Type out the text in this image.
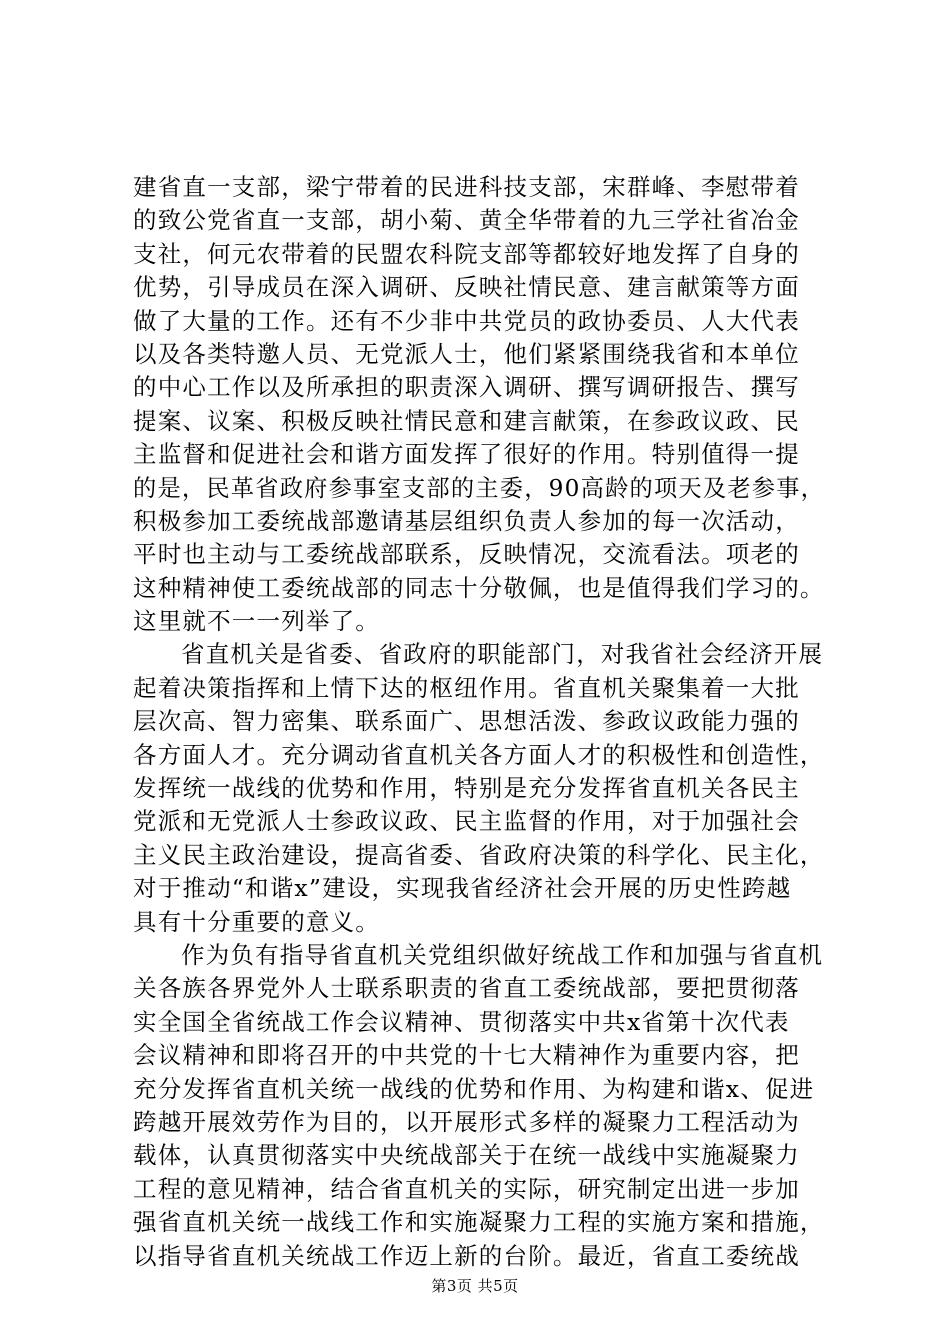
建省直一支部，梁宁带着的民进科技支部，宋群峰、李慰带着
的致公党省直一支部，胡小菊、黄全华带着的九三学社省冶金
支社，何元农带着的民盟农科院支部等都较好地发挥了自身的
优势，引导成员在深入调研、反映社情民意、建言献策等方面
做了大量的工作。还有不少非中共党员的政协委员、人大代表
以及各类特邀人员、无党派人士，他们紧紧围绕我省和本单位
的中心工作以及所承担的职责深入调研、撰写调研报告、撰写
提案、议案、积极反映社情民意和建言献策，在参政议政、民
主监督和促进社会和谐方面发挥了很好的作用。特别值得一提
的是，民革省政府参事室支部的主委，90高龄的项天及老参事，
积极参加工委统战部邀请基层组织负责人参加的每一次活动，
平时也主动与工委统战部联系，反映情况，交流看法。项老的
这种精神使工委统战部的同志十分敬佩，也是值得我们学习的。
这里就不一一列举了。
省直机关是省委、省政府的职能部门，对我省社会经济开展
起着决策指挥和上情下达的枢纽作用。省直机关聚集着一大批
层次高、智力密集、联系面广、思想活泼、参政议政能力强的
各方面人才。充分调动省直机关各方面人才的积极性和创造性，
发挥统一战线的优势和作用，特别是充分发挥省直机关各民主
党派和无党派人士参政议政、民主监督的作用，对于加强社会
主义民主政治建设，提高省委、省政府决策的科学化、民主化，
对于推动“和谐x”建设，实现我省经济社会开展的历史性跨越
具有十分重要的意义。
作为负有指导省直机关党组织做好统战工作和加强与省直机
关各族各界党外人士联系职责的省直工委统战部，要把贯彻落
实全国全省统战工作会议精神、贯彻落实中共x省第十次代表
会议精神和即将召开的中共党的十七大精神作为重要内容，把
充分发挥省直机关统一战线的优势和作用、为构建和谐x、促进
跨越开展效劳作为目的，以开展形式多样的凝聚力工程活动为
载体，认真贯彻落实中央统战部关于在统一战线中实施凝聚力
工程的意见精神，结合省直机关的实际，研究制定出进一步加
强省直机关统一战线工作和实施凝聚力工程的实施方案和措施，
以指导省直机关统战工作迈上新的台阶。最近，省直工委统战
第3页 共5页
